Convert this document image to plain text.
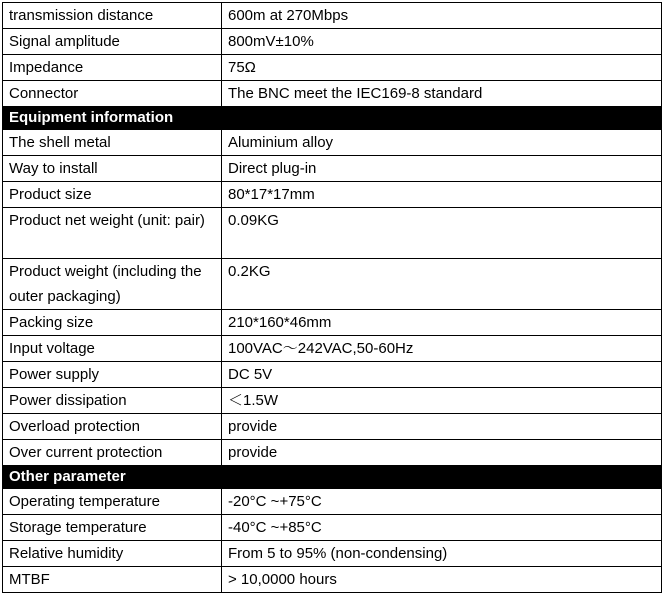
transmission distance	600m at 270Mbps
Signal amplitude	800mV±10%
Impedance	75Ω
Connector	The BNC meet the IEC169-8 standard
Equipment information	
The shell metal	Aluminium alloy
Way to install	Direct plug-in
Product size	80*17*17mm
Product net weight (unit: pair)	0.09KG
Product weight (including the outer packaging)	0.2KG
Packing size	210*160*46mm
Input voltage	100VAC～242VAC,50-60Hz
Power supply	DC 5V
Power dissipation	＜1.5W
Overload protection	provide
Over current protection	provide
Other parameter	
Operating temperature	-20°C ~+75°C
Storage temperature	-40°C ~+85°C
Relative humidity	From 5 to 95% (non-condensing)
MTBF	> 10,0000 hours
